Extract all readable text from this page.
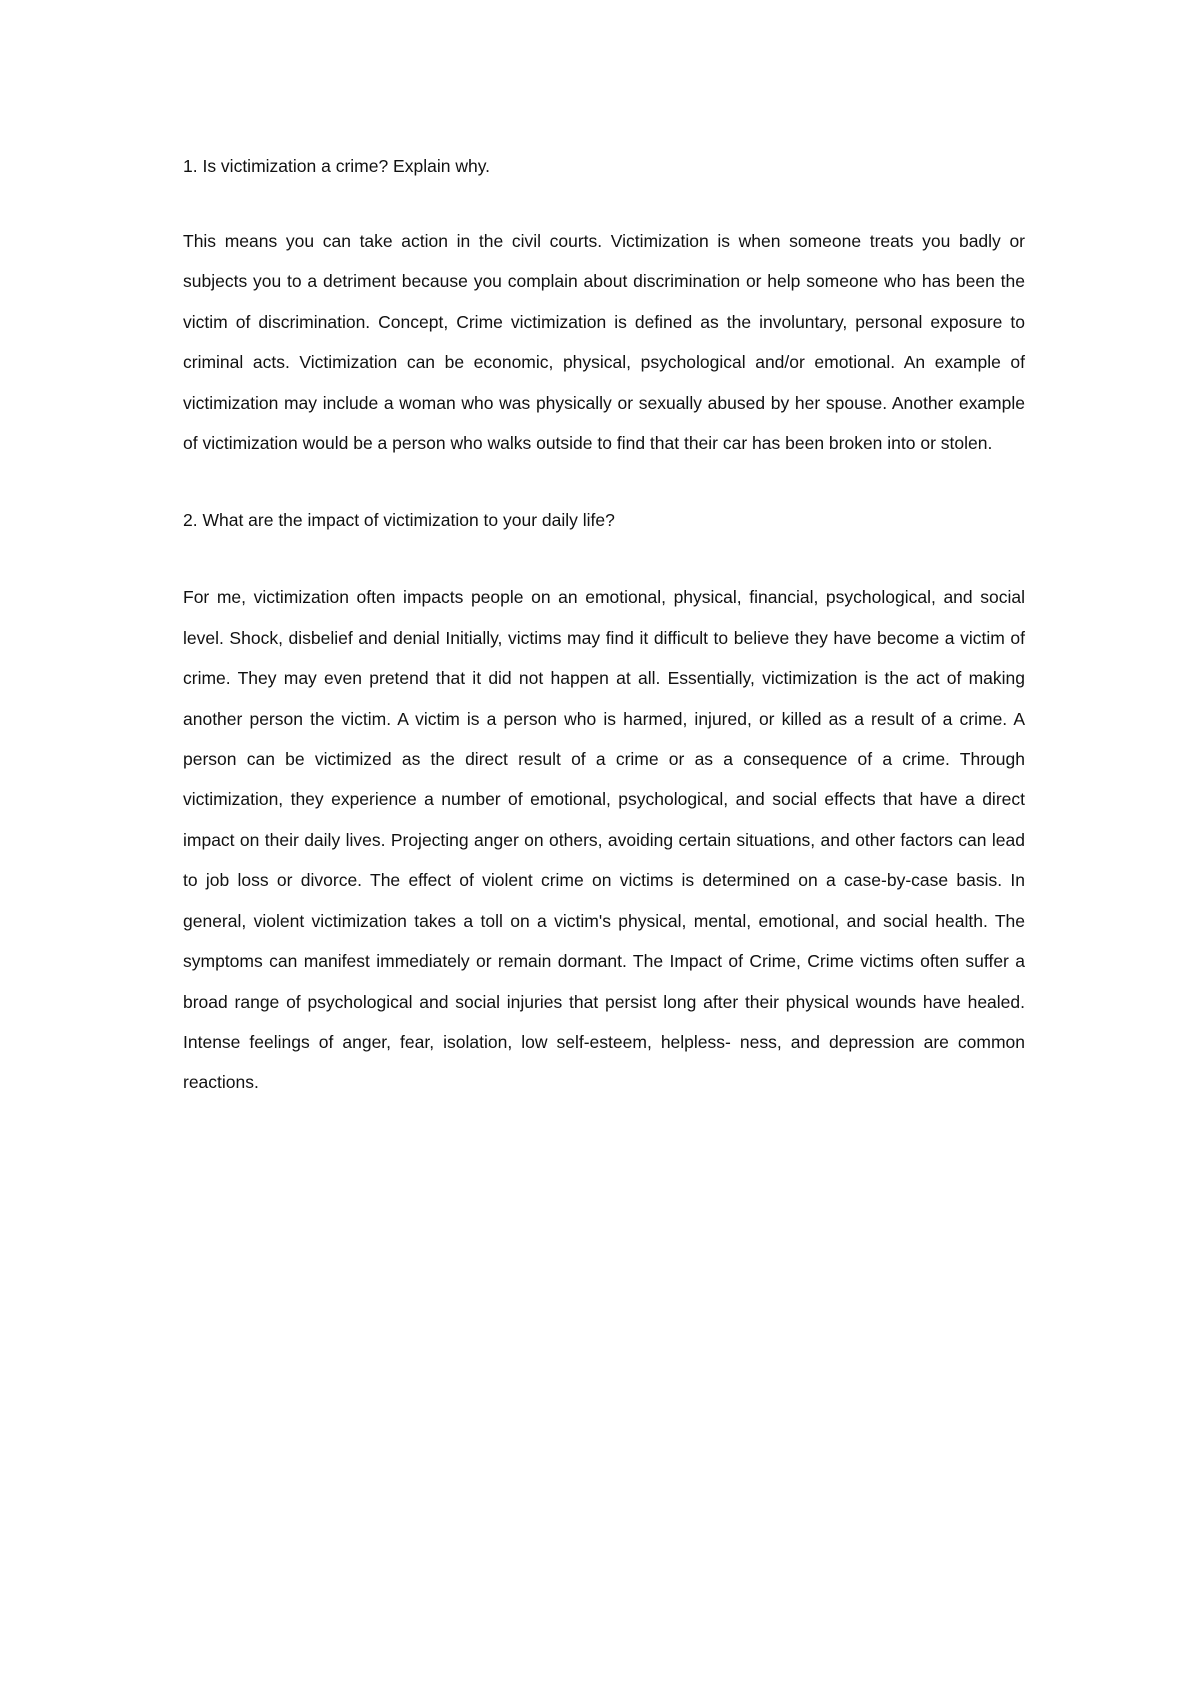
1. Is victimization a crime? Explain why.

This means you can take action in the civil courts. Victimization is when someone treats you badly or subjects you to a detriment because you complain about discrimination or help someone who has been the victim of discrimination. Concept, Crime victimization is defined as the involuntary, personal exposure to criminal acts. Victimization can be economic, physical, psychological and/or emotional. An example of victimization may include a woman who was physically or sexually abused by her spouse. Another example of victimization would be a person who walks outside to find that their car has been broken into or stolen.

2. What are the impact of victimization to your daily life?

For me, victimization often impacts people on an emotional, physical, financial, psychological, and social level. Shock, disbelief and denial Initially, victims may find it difficult to believe they have become a victim of crime. They may even pretend that it did not happen at all. Essentially, victimization is the act of making another person the victim. A victim is a person who is harmed, injured, or killed as a result of a crime. A person can be victimized as the direct result of a crime or as a consequence of a crime. Through victimization, they experience a number of emotional, psychological, and social effects that have a direct impact on their daily lives. Projecting anger on others, avoiding certain situations, and other factors can lead to job loss or divorce. The effect of violent crime on victims is determined on a case-by-case basis. In general, violent victimization takes a toll on a victim's physical, mental, emotional, and social health. The symptoms can manifest immediately or remain dormant. The Impact of Crime, Crime victims often suffer a broad range of psychological and social injuries that persist long after their physical wounds have healed. Intense feelings of anger, fear, isolation, low self-esteem, helpless- ness, and depression are common reactions.
